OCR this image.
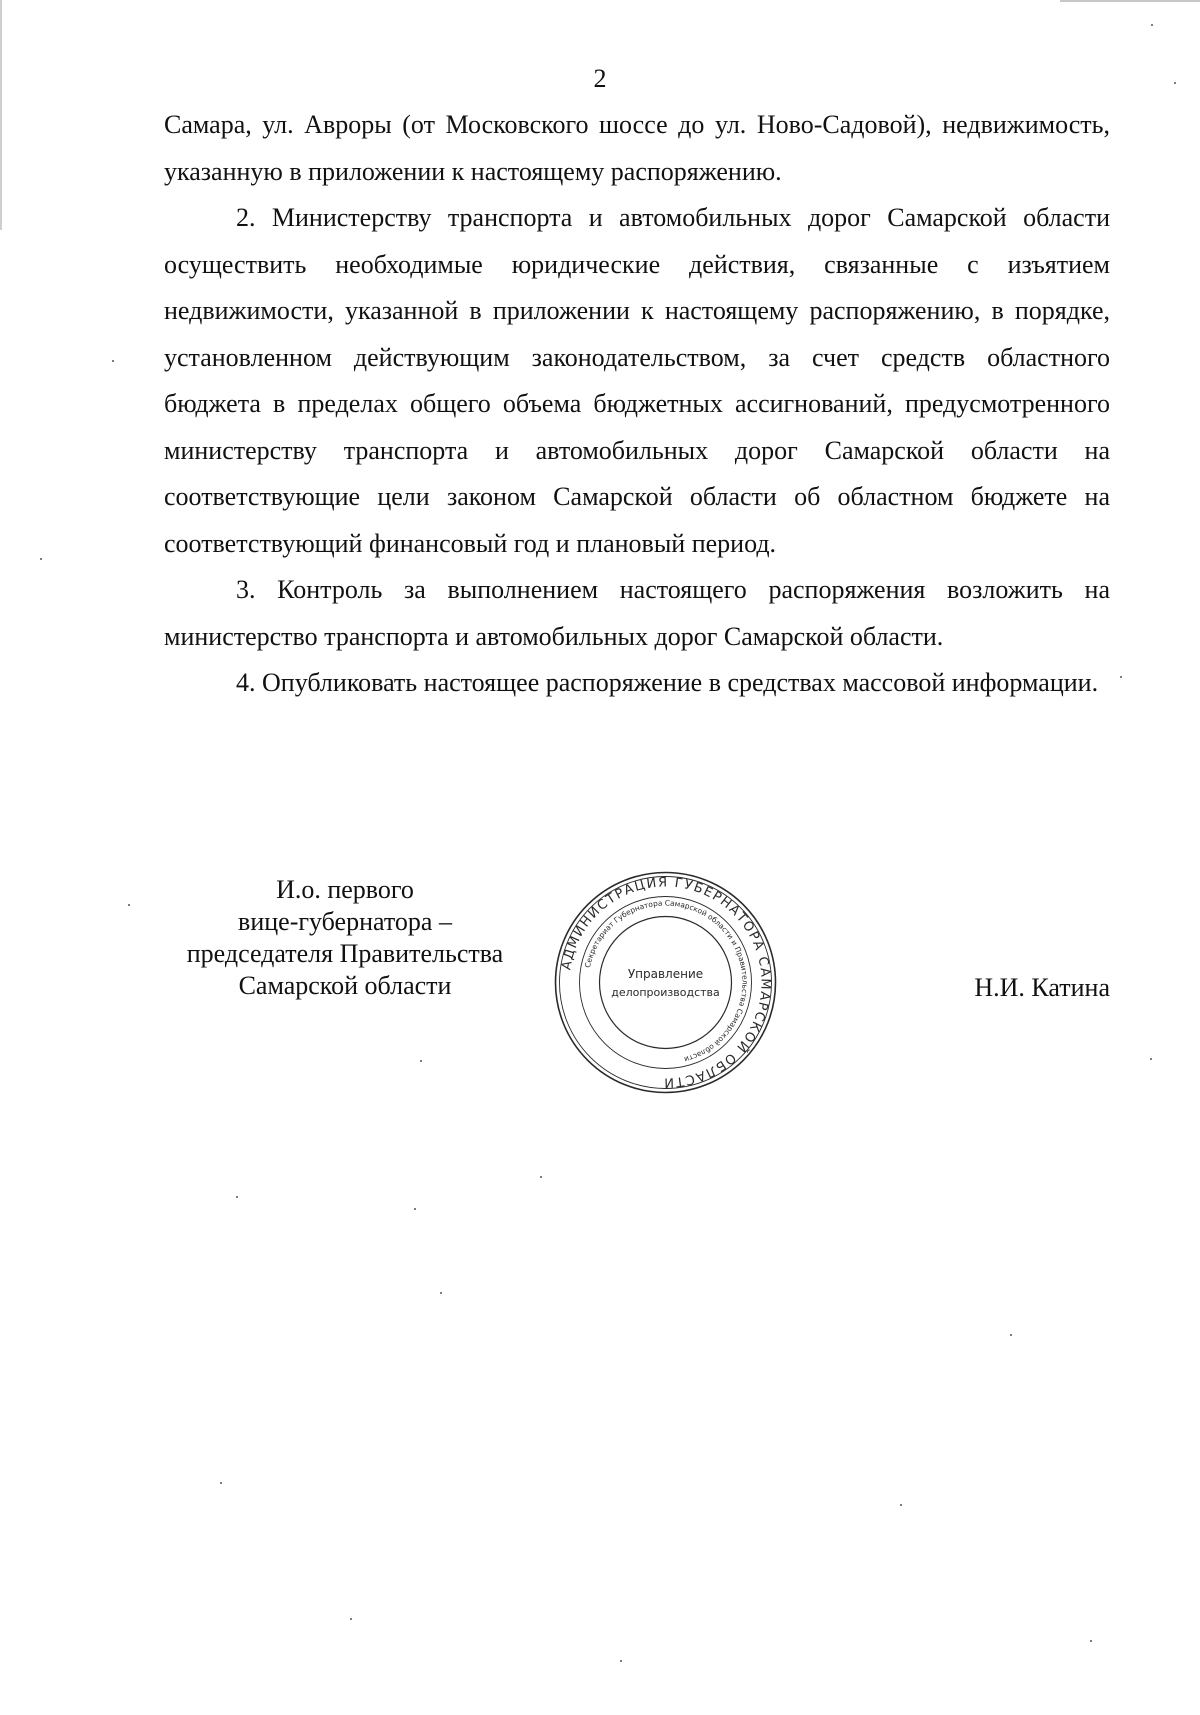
2

Самара, ул. Авроры (от Московского шоссе до ул. Ново-Садовой), недвижимость, указанную в приложении к настоящему распоряжению.

2. Министерству транспорта и автомобильных дорог Самарской области осуществить необходимые юридические действия, связанные с изъятием недвижимости, указанной в приложении к настоящему распоряжению, в порядке, установленном действующим законодательством, за счет средств областного бюджета в пределах общего объема бюджетных ассигнований, предусмотренного министерству транспорта и автомобильных дорог Самарской области на соответствующие цели законом Самарской области об областном бюджете на соответствующий финансовый год и плановый период.

3. Контроль за выполнением настоящего распоряжения возложить на министерство транспорта и автомобильных дорог Самарской области.

4. Опубликовать настоящее распоряжение в средствах массовой информации.

И.о. первого
вице-губернатора –
председателя Правительства
Самарской области
АДМИНИСТРАЦИЯ ГУБЕРНАТОРА САМАРСКОЙ ОБЛАСТИ
Секретариат Губернатора Самарской области и Правительства Самарской области
Управление
делопроизводства	Н.И. Катина
